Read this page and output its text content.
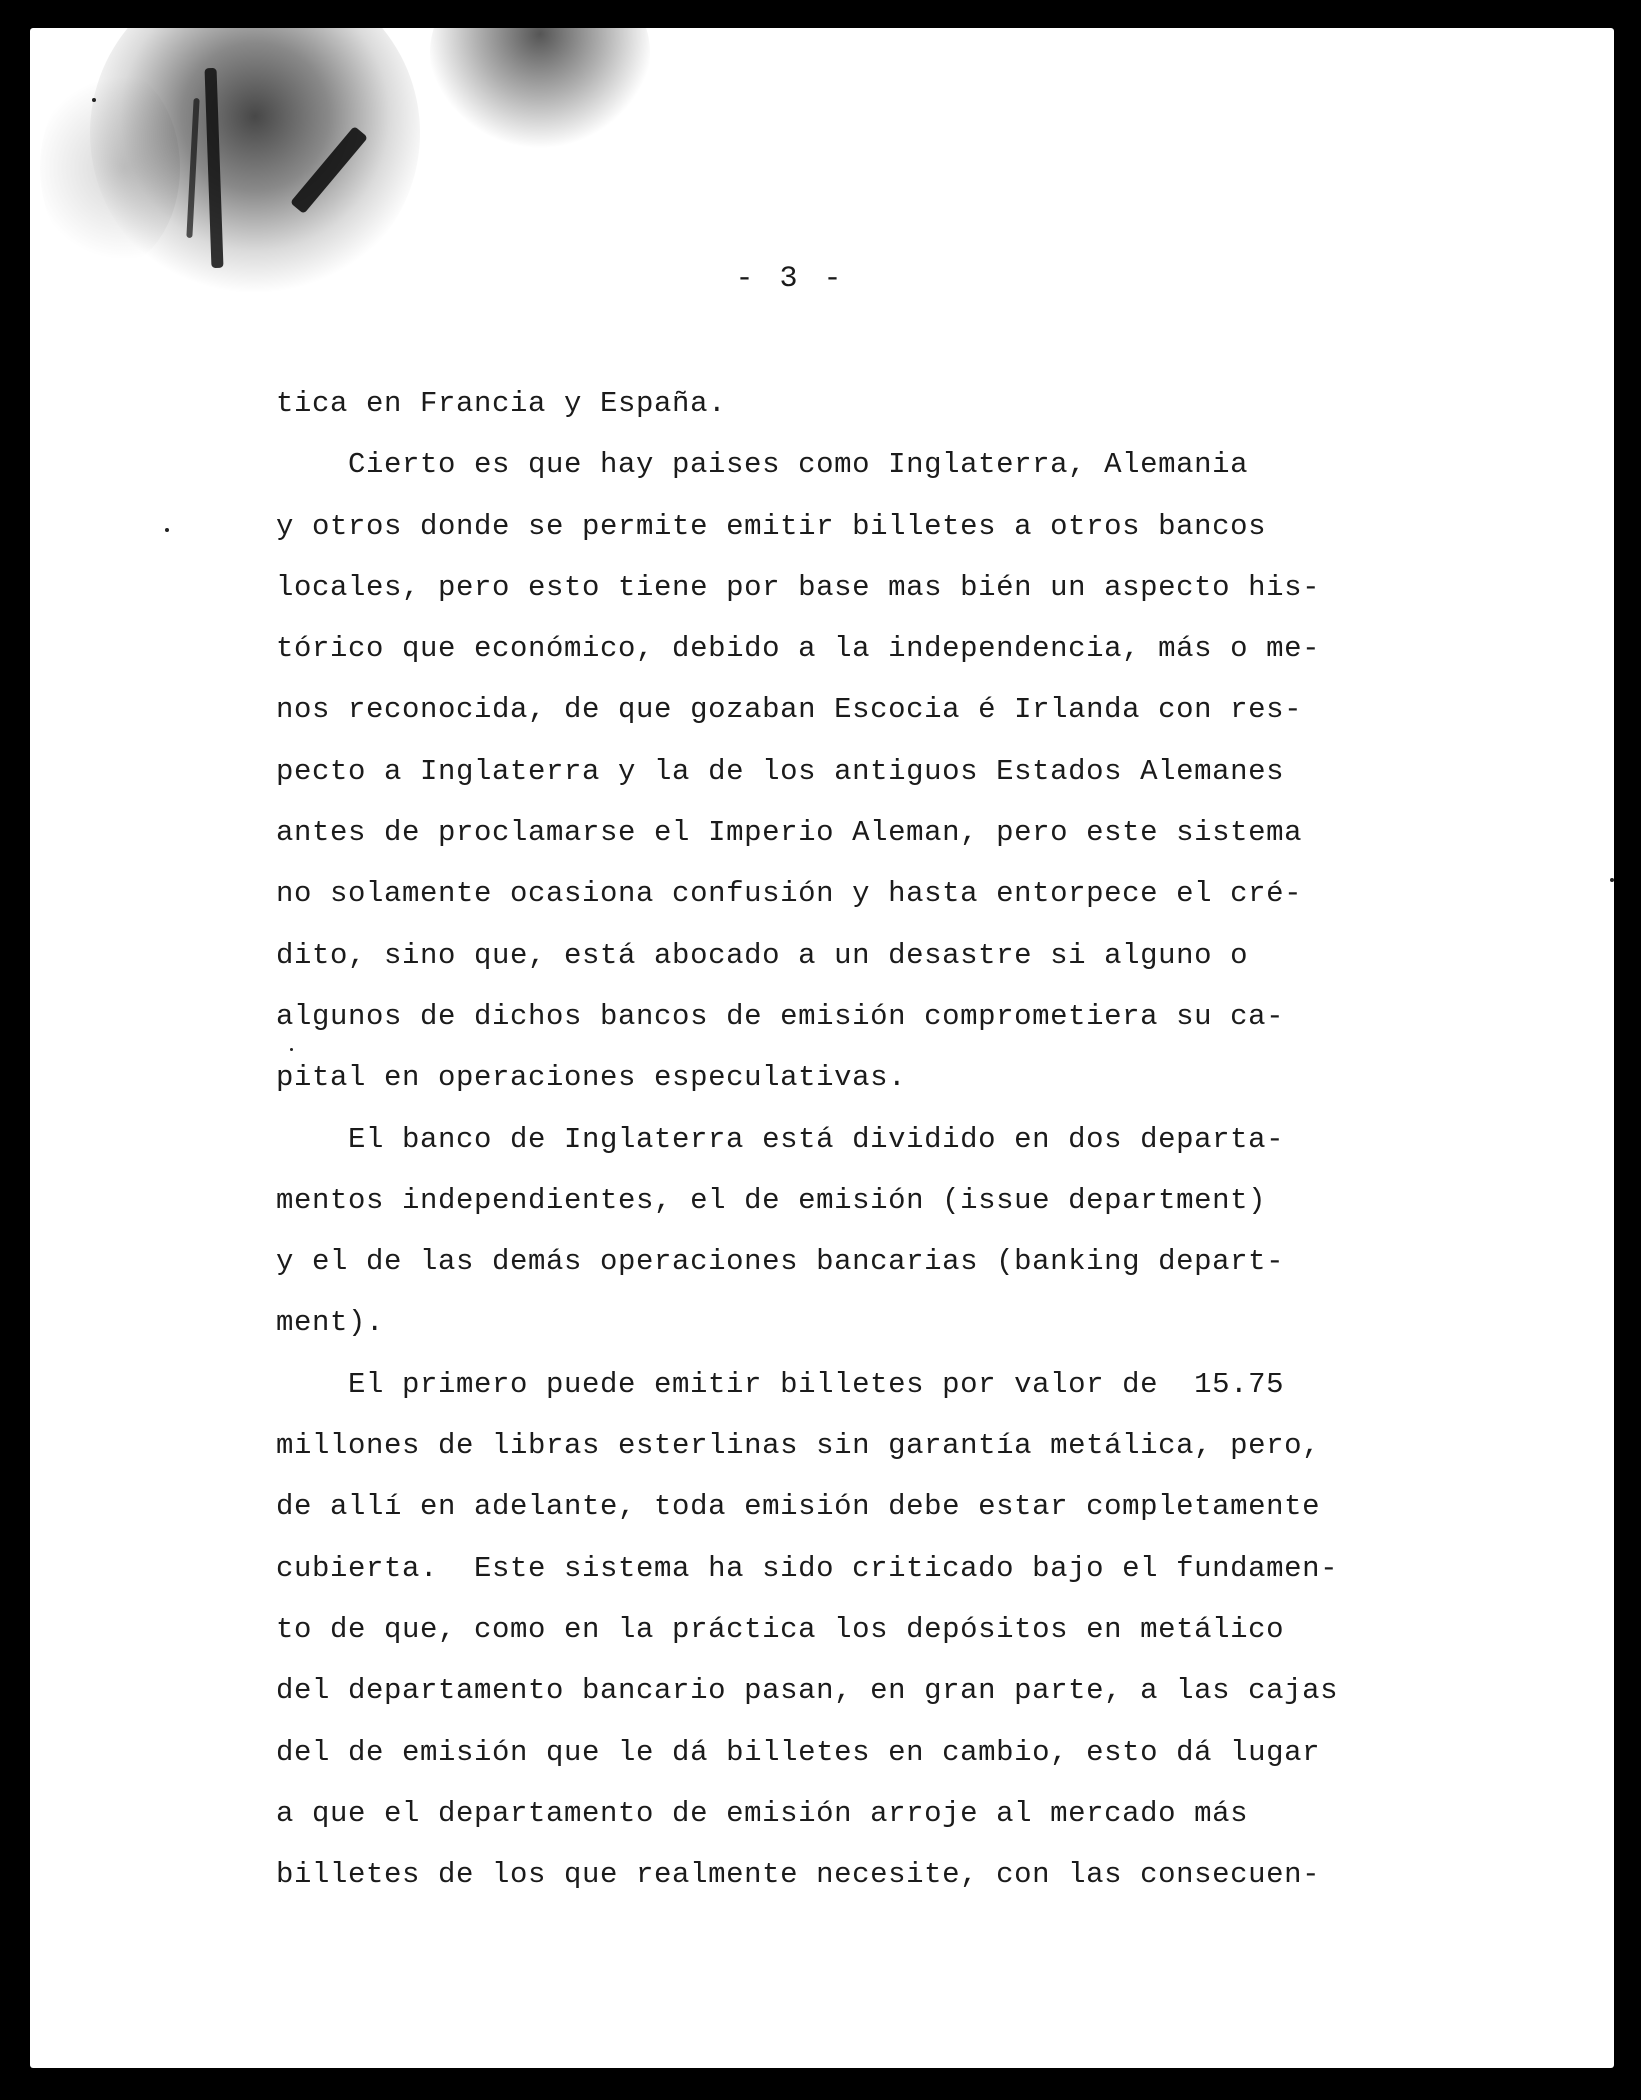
- 3 -
tica en Francia y España.
Cierto es que hay paises como Inglaterra, Alemania
y otros donde se permite emitir billetes a otros bancos
locales, pero esto tiene por base mas bién un aspecto his-
tórico que económico, debido a la independencia, más o me-
nos reconocida, de que gozaban Escocia é Irlanda con res-
pecto a Inglaterra y la de los antiguos Estados Alemanes
antes de proclamarse el Imperio Aleman, pero este sistema
no solamente ocasiona confusión y hasta entorpece el cré-
dito, sino que, está abocado a un desastre si alguno o
algunos de dichos bancos de emisión comprometiera su ca-
pital en operaciones especulativas.
El banco de Inglaterra está dividido en dos departa-
mentos independientes, el de emisión (issue department)
y el de las demás operaciones bancarias (banking depart-
ment).
El primero puede emitir billetes por valor de  15.75
millones de libras esterlinas sin garantía metálica, pero,
de allí en adelante, toda emisión debe estar completamente
cubierta.  Este sistema ha sido criticado bajo el fundamen-
to de que, como en la práctica los depósitos en metálico
del departamento bancario pasan, en gran parte, a las cajas
del de emisión que le dá billetes en cambio, esto dá lugar
a que el departamento de emisión arroje al mercado más
billetes de los que realmente necesite, con las consecuen-
